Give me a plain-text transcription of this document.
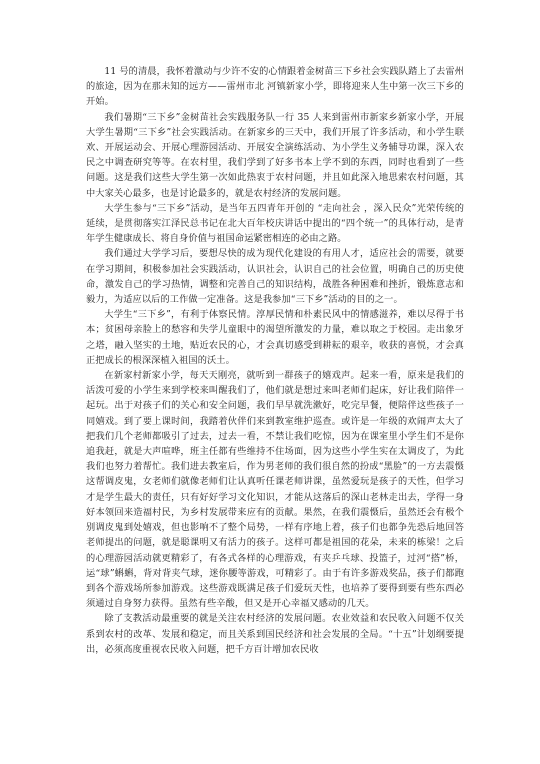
11 号的清晨，我怀着激动与少许不安的心情跟着金树苗三下乡社会实践队踏上了去雷州的旅途，因为在那未知的远方——雷州市北 河镇新家小学，即将迎来人生中第一次三下乡的开始。

我们暑期“三下乡”金树苗社会实践服务队一行 35 人来到雷州市新家乡新家小学，开展大学生暑期“三下乡”社会实践活动。在新家乡的三天中，我们开展了许多活动，和小学生联欢、开展运动会、开展心理游园活动、开展安全演练活动、为小学生义务辅导功课，深入农民之中调查研究等等。在农村里，我们学到了好多书本上学不到的东西，同时也看到了一些问题。这是我们这些大学生第一次如此热衷于农村问题，并且如此深入地思索农村问题，其中大家关心最多，也是讨论最多的，就是农村经济的发展问题。

大学生参与“三下乡”活动，是当年五四青年开创的 “走向社会 ，深入民众”光荣传统的延续，是贯彻落实江泽民总书记在北大百年校庆讲话中提出的“四个统一”的具体行动，是青年学生健康成长、将自身价值与祖国命运紧密相连的必由之路。

我们通过大学学习后，要想尽快的成为现代化建设的有用人才，适应社会的需要，就要在学习期间，积极参加社会实践活动，认识社会，认识自己的社会位置，明确自己的历史使命，激发自己的学习热情，调整和完善自己的知识结构，战胜各种困难和挫折，锻炼意志和毅力，为适应以后的工作做一定准备。这是我参加“三下乡”活动的目的之一。

大学生“三下乡”，有利于体察民情。淳厚民情和朴素民风中的情感滋养，难以尽得于书本；贫困母亲脸上的愁容和失学儿童眼中的渴望所激发的力量，难以取之于校园。走出象牙之塔，融入坚实的土地，贴近农民的心，才会真切感受到耕耘的艰辛，收获的喜悦，才会真正把成长的根深深植入祖国的沃土。

在新家村新家小学，每天天刚亮，就听到一群孩子的嬉戏声。起来一看，原来是我们的活泼可爱的小学生来到学校来叫醒我们了，他们就是想过来叫老师们起床，好让我们陪伴一起玩。出于对孩子们的关心和安全问题，我们早早就洗漱好，吃完早餐，便陪伴这些孩子一同嬉戏。到了要上课时间，我踏着伙伴们来到教室维护巡查。或许是一年级的欢闹声太大了把我们几个老师都吸引了过去，过去一看，不禁让我们吃惊，因为在课室里小学生们不是你追我赶，就是大声喧哗，班主任都有些维持不住场面，因为这些小学生实在太调皮了，为此我们也努力着帮忙。我们进去教室后，作为男老师的我们很自然的扮成“黑脸”的一方去震慑这帮调皮鬼，女老师们就像老师们让认真听任课老师讲课，虽然爱玩是孩子的天性，但学习才是学生最大的责任，只有好好学习文化知识，才能从这落后的深山老林走出去，学得一身好本领回来造福村民，为乡村发展带来应有的贡献。果然，在我们震慑后，虽然还会有极个别调皮鬼到处嬉戏，但也影响不了整个局势，一样有序地上着，孩子们也都争先恐后地回答老师提出的问题，就是聪课明又有活力的孩子。这样可都是祖国的花朵，未来的栋梁！之后的心理游园活动就更精彩了，有各式各样的心理游戏，有夹乒乓球、投篮子，过河“搭”桥，运“球”蝌蝌，背对背夹气球，迷你腰等游戏，可精彩了。由于有许多游戏奖品，孩子们都跑到各个游戏场所参加游戏。这些游戏既满足孩子们爱玩天性，也培养了要得到要有些东西必须通过自身努力获得。虽然有些辛酸，但又是开心幸福又感动的几天。

除了支教活动最重要的就是关注农村经济的发展问题。农业效益和农民收入问题不仅关系到农村的改革、发展和稳定，而且关系到国民经济和社会发展的全局。“十五”计划纲要提出，必须高度重视农民收入问题，把千方百计增加农民收
